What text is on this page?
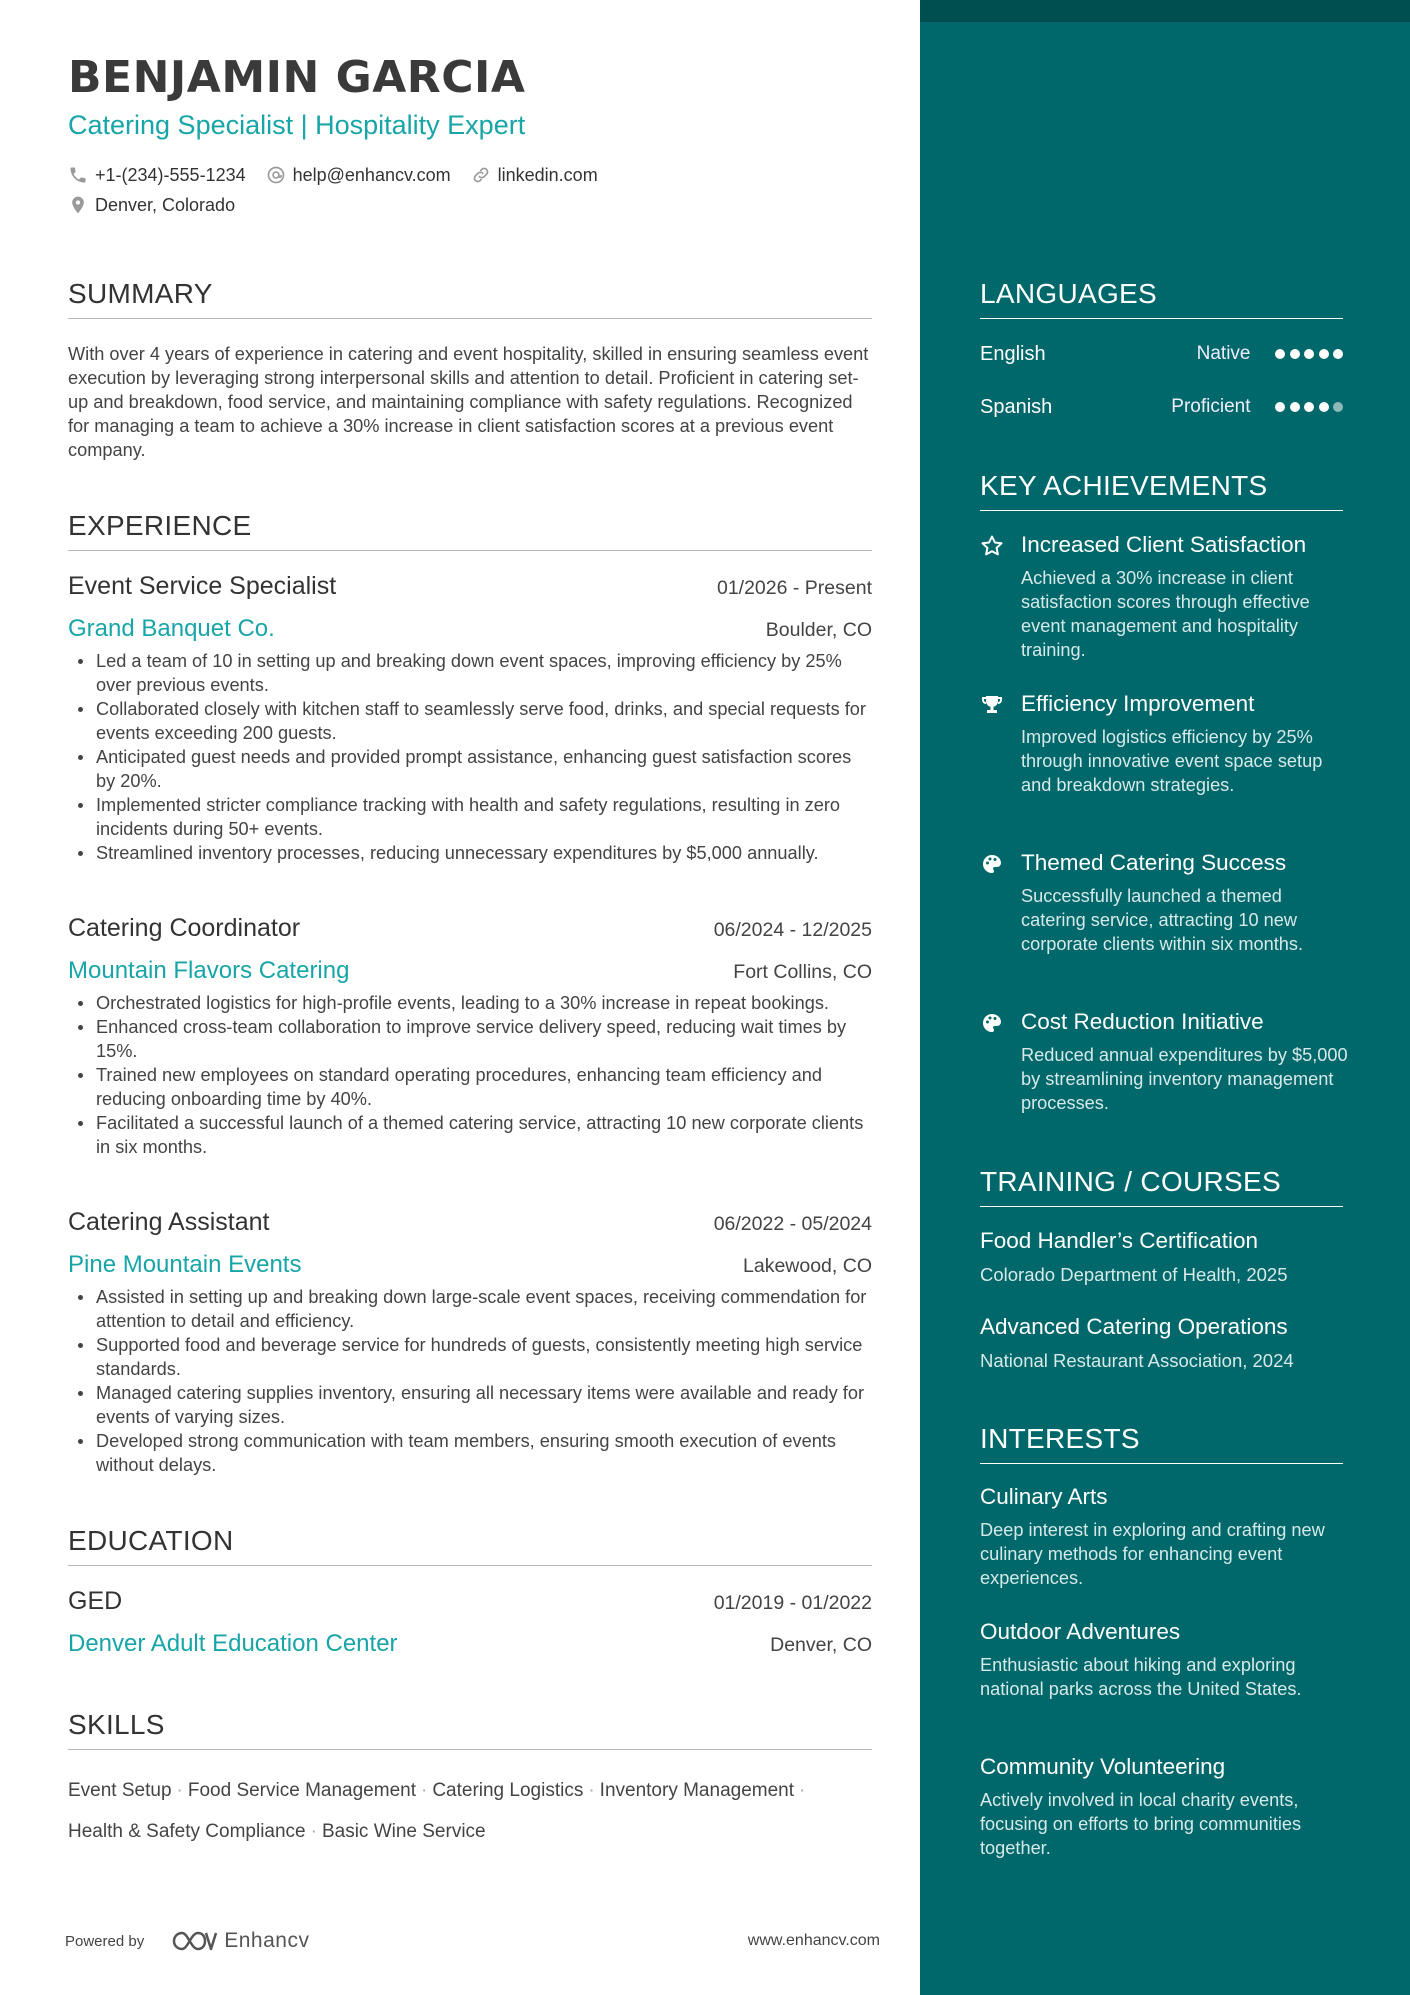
BENJAMIN GARCIA
Catering Specialist | Hospitality Expert
+1-(234)-555-1234	help@enhancv.com	linkedin.com
Denver, Colorado
SUMMARY
With over 4 years of experience in catering and event hospitality, skilled in ensuring seamless event execution by leveraging strong interpersonal skills and attention to detail. Proficient in catering set-up and breakdown, food service, and maintaining compliance with safety regulations. Recognized for managing a team to achieve a 30% increase in client satisfaction scores at a previous event company.
EXPERIENCE
Event Service Specialist	01/2026 - Present
Grand Banquet Co.	Boulder, CO
Led a team of 10 in setting up and breaking down event spaces, improving efficiency by 25% over previous events.
Collaborated closely with kitchen staff to seamlessly serve food, drinks, and special requests for events exceeding 200 guests.
Anticipated guest needs and provided prompt assistance, enhancing guest satisfaction scores by 20%.
Implemented stricter compliance tracking with health and safety regulations, resulting in zero incidents during 50+ events.
Streamlined inventory processes, reducing unnecessary expenditures by $5,000 annually.
Catering Coordinator	06/2024 - 12/2025
Mountain Flavors Catering	Fort Collins, CO
Orchestrated logistics for high-profile events, leading to a 30% increase in repeat bookings.
Enhanced cross-team collaboration to improve service delivery speed, reducing wait times by 15%.
Trained new employees on standard operating procedures, enhancing team efficiency and reducing onboarding time by 40%.
Facilitated a successful launch of a themed catering service, attracting 10 new corporate clients in six months.
Catering Assistant	06/2022 - 05/2024
Pine Mountain Events	Lakewood, CO
Assisted in setting up and breaking down large-scale event spaces, receiving commendation for attention to detail and efficiency.
Supported food and beverage service for hundreds of guests, consistently meeting high service standards.
Managed catering supplies inventory, ensuring all necessary items were available and ready for events of varying sizes.
Developed strong communication with team members, ensuring smooth execution of events without delays.
EDUCATION
GED	01/2019 - 01/2022
Denver Adult Education Center	Denver, CO
SKILLS
Event Setup · Food Service Management · Catering Logistics · Inventory Management ·
Health & Safety Compliance · Basic Wine Service
Powered by	Enhancv	www.enhancv.com
LANGUAGES
English	Native
Spanish	Proficient
KEY ACHIEVEMENTS
Increased Client Satisfaction
Achieved a 30% increase in client satisfaction scores through effective event management and hospitality training.
Efficiency Improvement
Improved logistics efficiency by 25% through innovative event space setup and breakdown strategies.
Themed Catering Success
Successfully launched a themed catering service, attracting 10 new corporate clients within six months.
Cost Reduction Initiative
Reduced annual expenditures by $5,000 by streamlining inventory management processes.
TRAINING / COURSES
Food Handler’s Certification
Colorado Department of Health, 2025
Advanced Catering Operations
National Restaurant Association, 2024
INTERESTS
Culinary Arts
Deep interest in exploring and crafting new culinary methods for enhancing event experiences.
Outdoor Adventures
Enthusiastic about hiking and exploring national parks across the United States.
Community Volunteering
Actively involved in local charity events, focusing on efforts to bring communities together.
